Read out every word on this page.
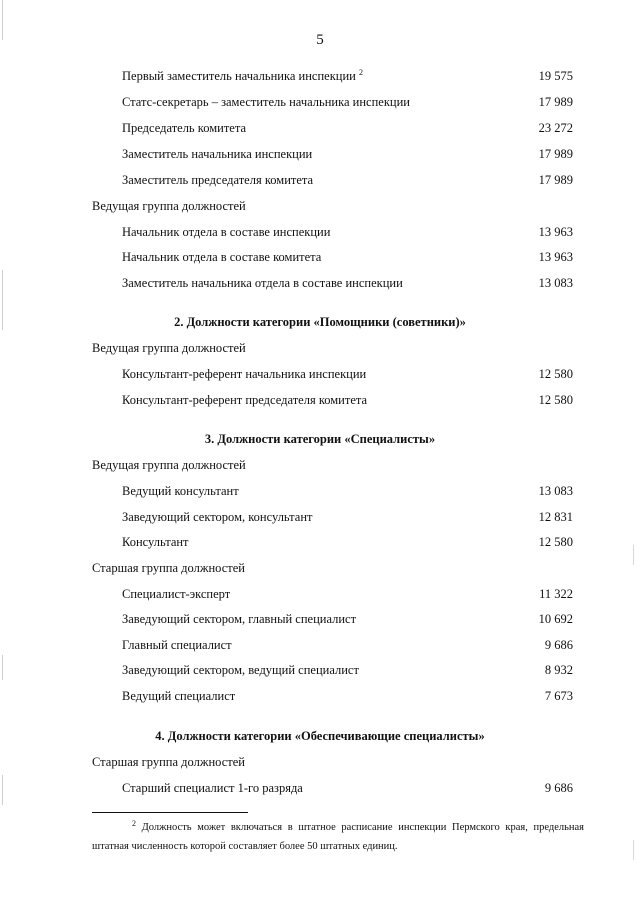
5
Первый заместитель начальника инспекции $^2$	19 575
Статс-секретарь – заместитель начальника инспекции	17 989
Председатель комитета	23 272
Заместитель начальника инспекции	17 989
Заместитель председателя комитета	17 989
Ведущая группа должностей
Начальник отдела в составе инспекции	13 963
Начальник отдела в составе комитета	13 963
Заместитель начальника отдела в составе инспекции	13 083
2. Должности категории «Помощники (советники)»
Ведущая группа должностей
Консультант-референт начальника инспекции	12 580
Консультант-референт председателя комитета	12 580
3. Должности категории «Специалисты»
Ведущая группа должностей
Ведущий консультант	13 083
Заведующий сектором, консультант	12 831
Консультант	12 580
Старшая группа должностей
Специалист-эксперт	11 322
Заведующий сектором, главный специалист	10 692
Главный специалист	9 686
Заведующий сектором, ведущий специалист	8 932
Ведущий специалист	7 673
4. Должности категории «Обеспечивающие специалисты»
Старшая группа должностей
Старший специалист 1-го разряда	9 686
$^2$ Должность может включаться в штатное расписание инспекции Пермского края, предельная штатная численность которой составляет более 50 штатных единиц.
